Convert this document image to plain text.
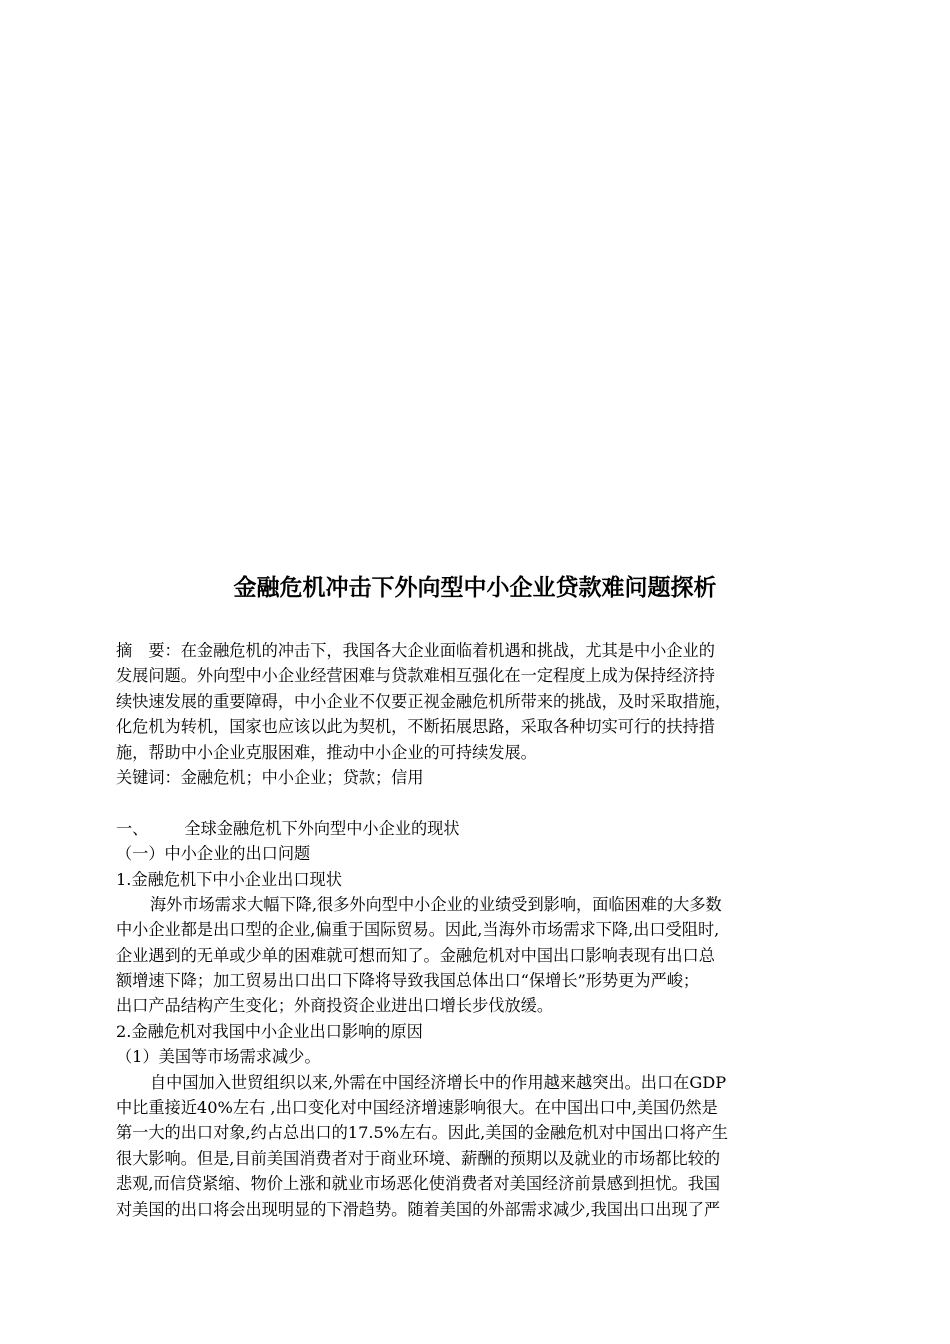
金融危机冲击下外向型中小企业贷款难问题探析
摘　要：在金融危机的冲击下，我国各大企业面临着机遇和挑战，尤其是中小企业的
发展问题。外向型中小企业经营困难与贷款难相互强化在一定程度上成为保持经济持
续快速发展的重要障碍，中小企业不仅要正视金融危机所带来的挑战，及时采取措施，
化危机为转机，国家也应该以此为契机，不断拓展思路，采取各种切实可行的扶持措
施，帮助中小企业克服困难，推动中小企业的可持续发展。
关键词：金融危机；中小企业；贷款；信用
一、 全球金融危机下外向型中小企业的现状
（一）中小企业的出口问题
1.金融危机下中小企业出口现状
海外市场需求大幅下降,很多外向型中小企业的业绩受到影响，面临困难的大多数
中小企业都是出口型的企业,偏重于国际贸易。因此,当海外市场需求下降,出口受阻时,
企业遇到的无单或少单的困难就可想而知了。金融危机对中国出口影响表现有出口总
额增速下降；加工贸易出口出口下降将导致我国总体出口“保增长”形势更为严峻；
出口产品结构产生变化；外商投资企业进出口增长步伐放缓。
2.金融危机对我国中小企业出口影响的原因
（1）美国等市场需求减少。
自中国加入世贸组织以来,外需在中国经济增长中的作用越来越突出。出口在GDP
中比重接近40%左右 ,出口变化对中国经济增速影响很大。在中国出口中,美国仍然是
第一大的出口对象,约占总出口的17.5%左右。因此,美国的金融危机对中国出口将产生
很大影响。但是,目前美国消费者对于商业环境、薪酬的预期以及就业的市场都比较的
悲观,而信贷紧缩、物价上涨和就业市场恶化使消费者对美国经济前景感到担忧。我国
对美国的出口将会出现明显的下滑趋势。随着美国的外部需求减少,我国出口出现了严
